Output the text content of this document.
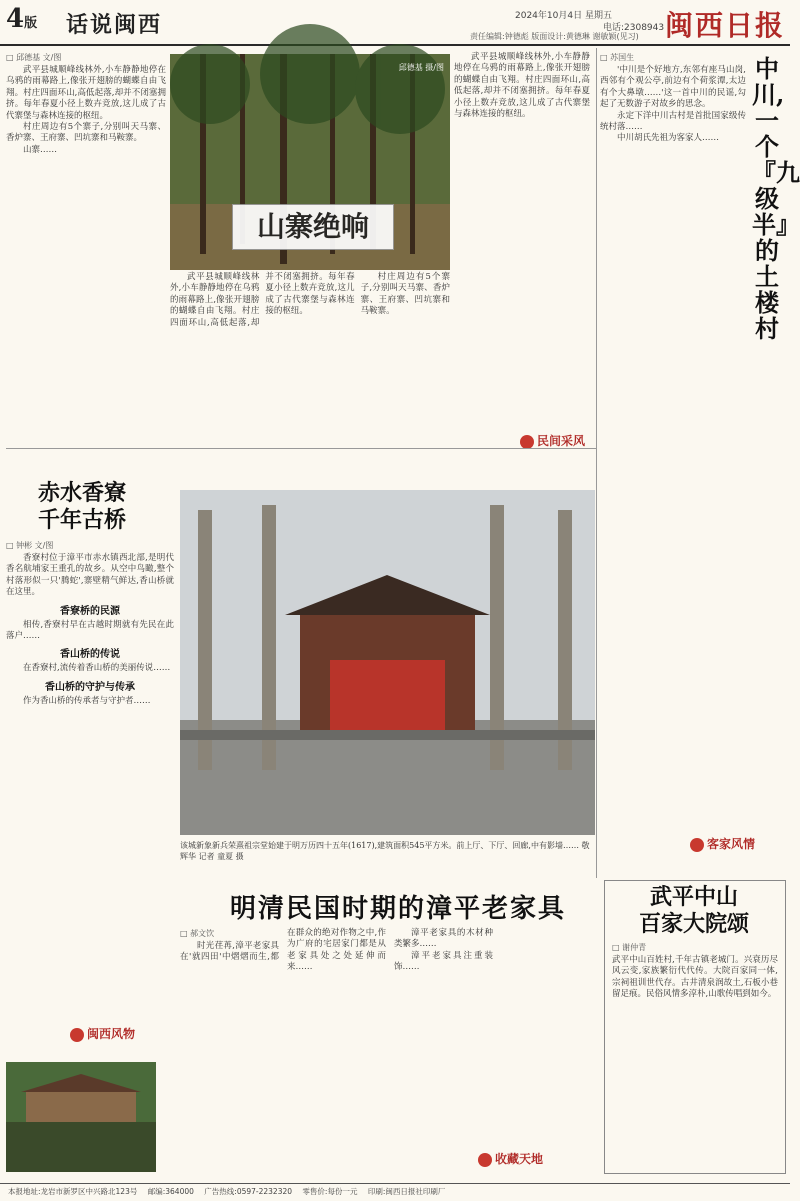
4版 话说闽西	2024年10月4日 星期五
电话:2308943
责任编辑:钟德彪 版面设计:黄德琳 谢敏颖(见习) 闽西日报
□ 邱德基 文/图

武平县城顺峰线林外,小车静静地停在乌鸦的雨幕路上,像张开翅膀的蝴蝶自由飞翔。村庄四面环山,高低起落,却并不闭塞拥挤。每年春夏小径上数卉竞放,这儿成了古代寨堡与森林连接的枢纽。

村庄周边有5个寨子,分别叫天马寨、香炉寨、王府寨、凹坑寨和马鞍寨。

山寨……

邱德基 摄/图
山寨绝响

武平县城顺峰线林外,小车静静地停在乌鸦的雨幕路上,像张开翅膀的蝴蝶自由飞翔。村庄四面环山,高低起落,却并不闭塞拥挤。每年春夏小径上数卉竞放,这儿成了古代寨堡与森林连接的枢纽。

村庄周边有5个寨子,分别叫天马寨、香炉寨、王府寨、凹坑寨和马鞍寨。

武平县城顺峰线林外,小车静静地停在乌鸦的雨幕路上,像张开翅膀的蝴蝶自由飞翔。村庄四面环山,高低起落,却并不闭塞拥挤。每年春夏小径上数卉竞放,这儿成了古代寨堡与森林连接的枢纽。

民间采风
赤水香寮
千年古桥
□ 钟彬 文/图

香寮村位于漳平市赤水镇西北部,是明代香名航埔家王重孔的故乡。从空中鸟瞰,整个村落形似一只'腾蛇',寨壁精气鲜达,香山桥就在这里。

香寮桥的民源

相传,香寮村早在古越时期就有先民在此落户……

香山桥的传说

在香寮村,流传着香山桥的美丽传说……

香山桥的守护与传承

作为香山桥的传承者与守护者……

闽西风物
该城新象新兵荣熹祖宗堂始建于明万历四十五年(1617),建筑面积545平方米。前上厅、下厅、回廊,中有影墙…… 敬辉华 记者 童夏 摄
中川,一个『九级半』的土楼村
□ 苏国生

'中川是个好地方,东邻有座马山岗,西邻有个观公亭,前边有个荷浆潭,太边有个大鼻墩……'这一首中川的民谣,勾起了无数游子对故乡的思念。

永定下洋中川古村是首批国家级传统村落……

中川胡氏先祖为客家人……

客家风情
明清民国时期的漳平老家具
□ 郝文饮

时光荏苒,漳平老家具在'就四田'中熠熠而生,都在群众的绝对作物之中,作为广府的宅居家门都是从老家具处之处延伸而来……

漳平老家具的木材种类繁多……

漳平老家具注重装饰……

收藏天地
武平中山
百家大院颂
□ 谢仲青

武平中山百姓村,千年古镇老城门。兴衰历尽风云变,家族繁衍代代传。大院百家同一体,宗祠祖训世代存。古井清泉润故土,石板小巷留足痕。民俗风情多淳朴,山歌传唱到如今。

本报地址:龙岩市新罗区中兴路北123号 邮编:364000 广告热线:0597-2232320 零售价:每份一元 印刷:闽西日报社印刷厂
